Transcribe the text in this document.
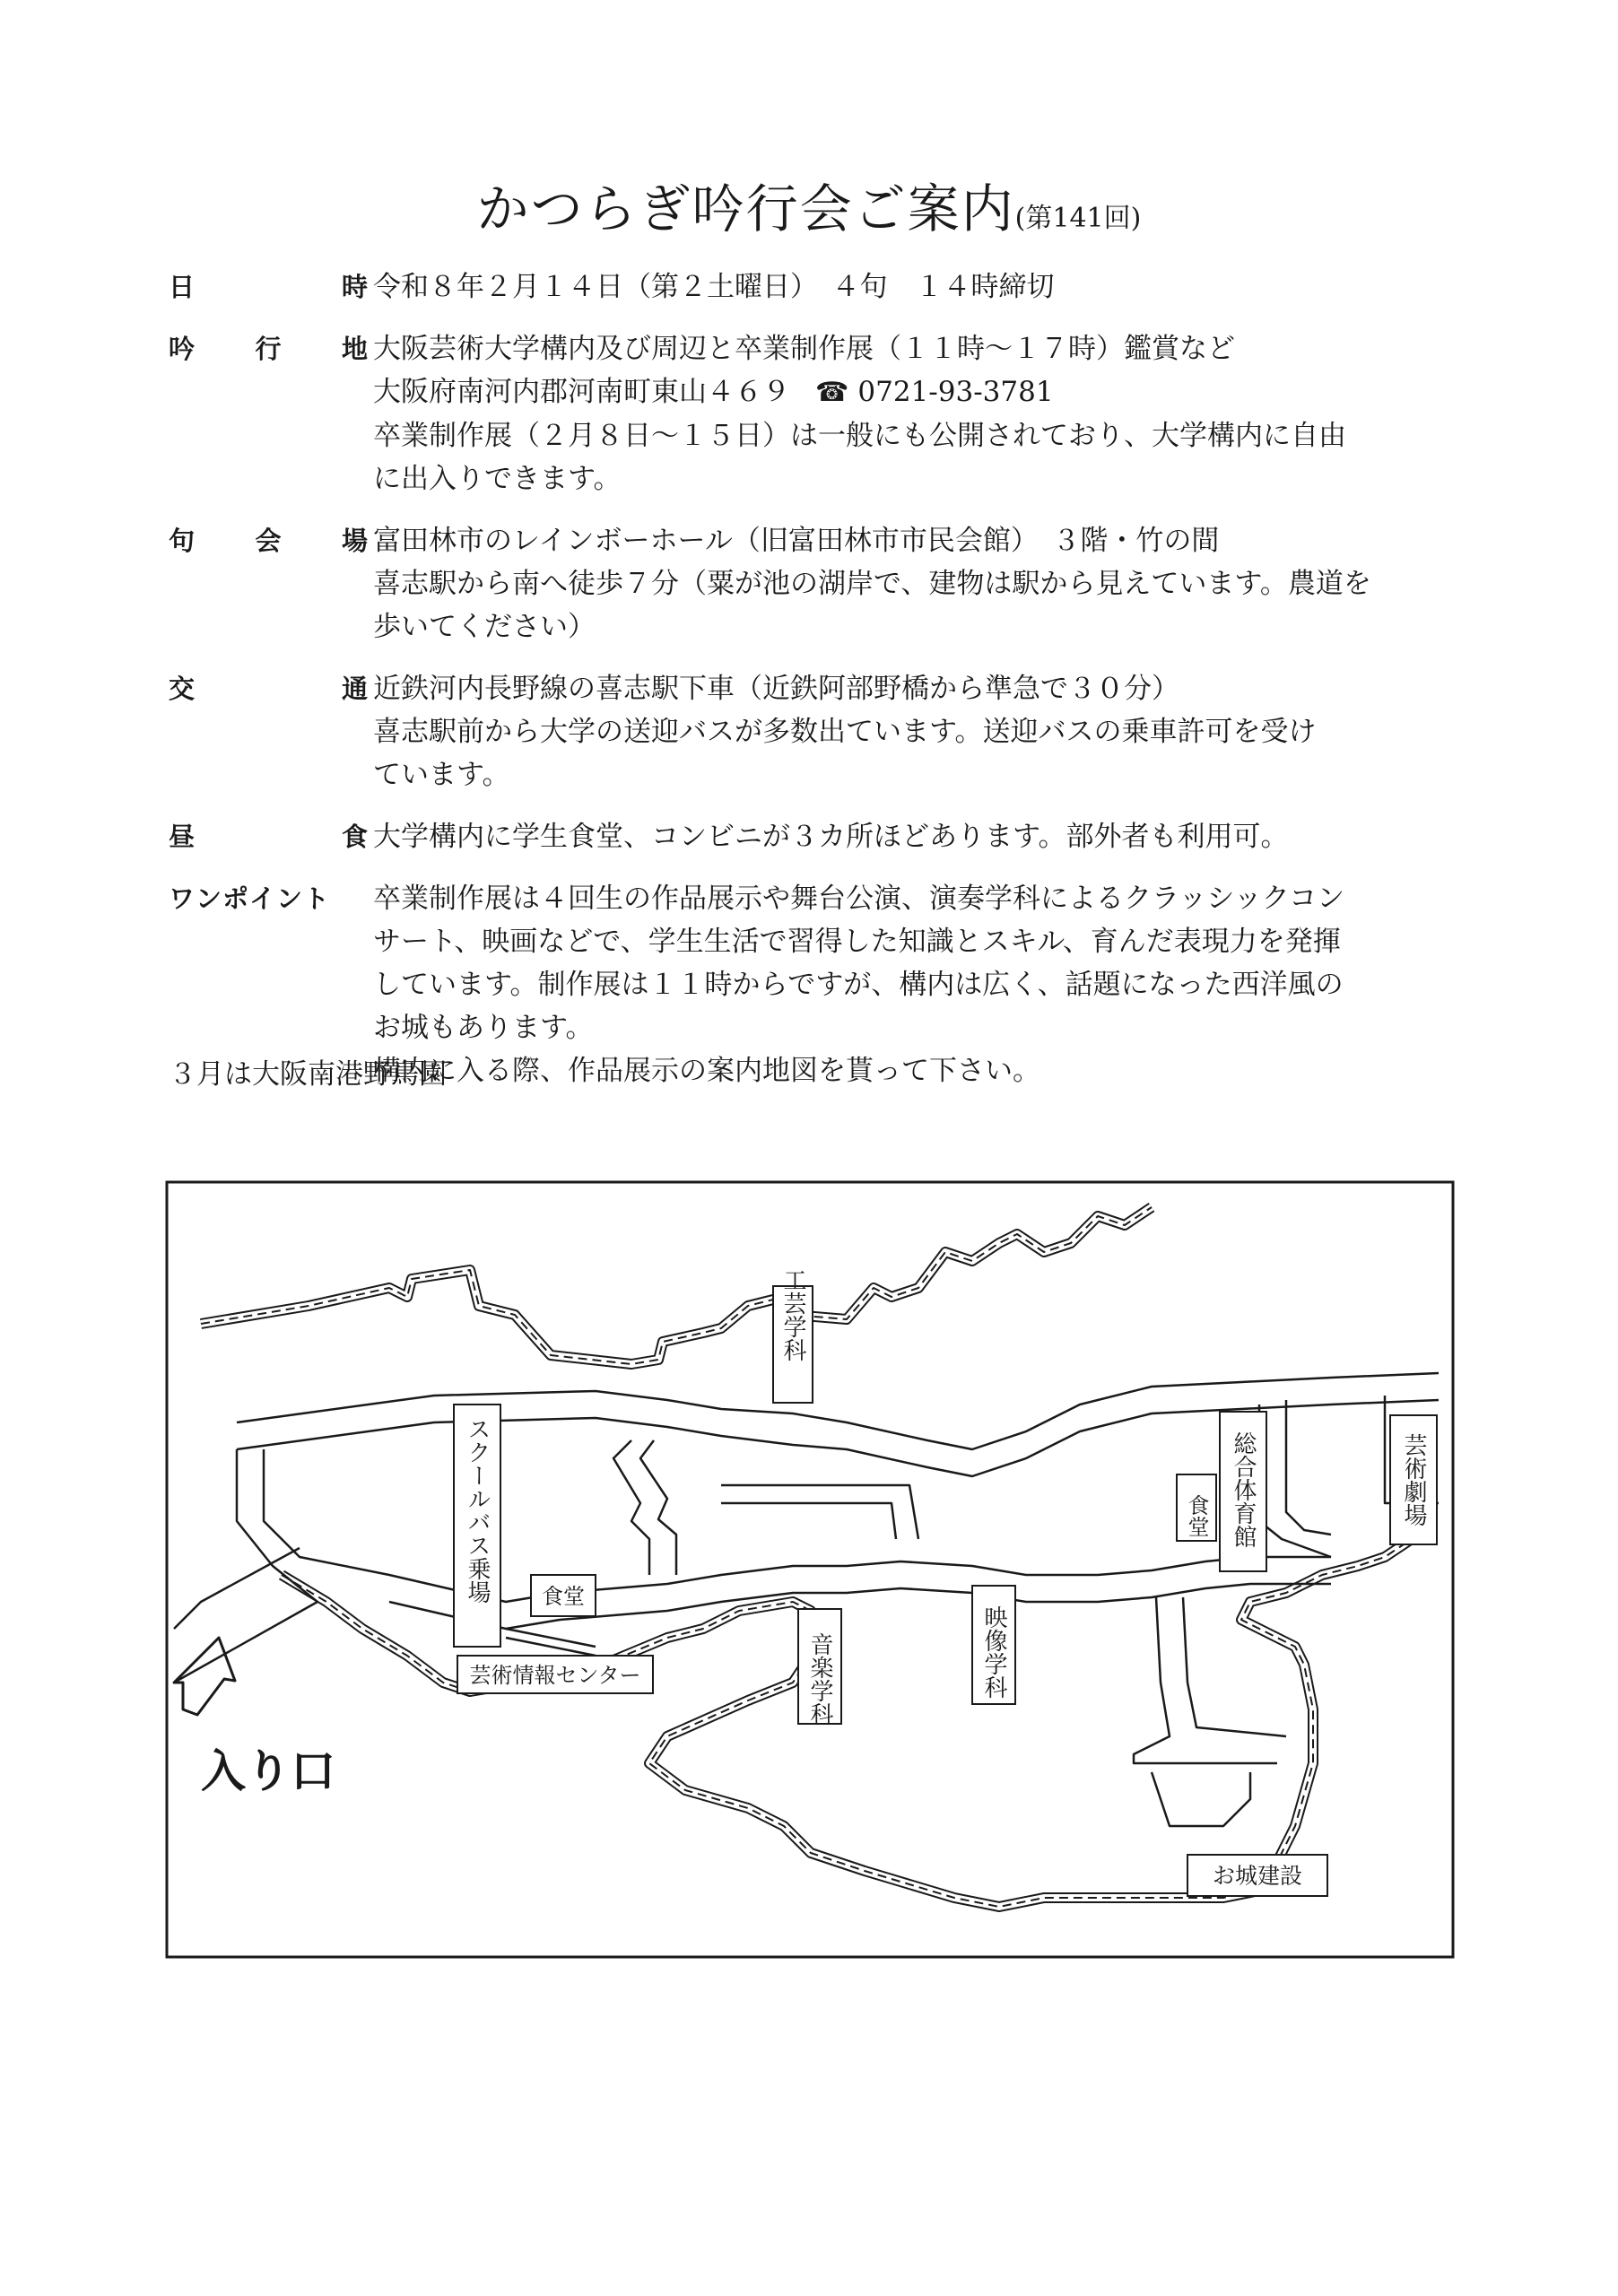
かつらぎ吟行会ご案内(第141回)
日	時 令和８年２月１４日（第２土曜日）　４句　１４時締切
吟 行 地 大阪芸術大学構内及び周辺と卒業制作展（１１時～１７時）鑑賞など
大阪府南河内郡河南町東山４６９ ☎ 0721-93-3781
卒業制作展（２月８日～１５日）は一般にも公開されており、大学構内に自由
に出入りできます。
句 会 場 富田林市のレインボーホール（旧富田林市市民会館）　３階・竹の間
喜志駅から南へ徒歩７分（粟が池の湖岸で、建物は駅から見えています。農道を
歩いてください）
交	通 近鉄河内長野線の喜志駅下車（近鉄阿部野橋から準急で３０分）
喜志駅前から大学の送迎バスが多数出ています。送迎バスの乗車許可を受け
ています。
昼	食 大学構内に学生食堂、コンビニが３カ所ほどあります。部外者も利用可。
ワンポイント 卒業制作展は４回生の作品展示や舞台公演、演奏学科によるクラッシックコン
サート、映画などで、学生生活で習得した知識とスキル、育んだ表現力を発揮
しています。制作展は１１時からですが、構内は広く、話題になった西洋風の
お城もあります。
構内に入る際、作品展示の案内地図を貰って下さい。
３月は大阪南港野鳥園
工芸学科
スクールバス乗場 食堂
芸術情報センター	音楽学科	映像学科
食堂 総合体育館	芸術劇場
お城建設
入り口
